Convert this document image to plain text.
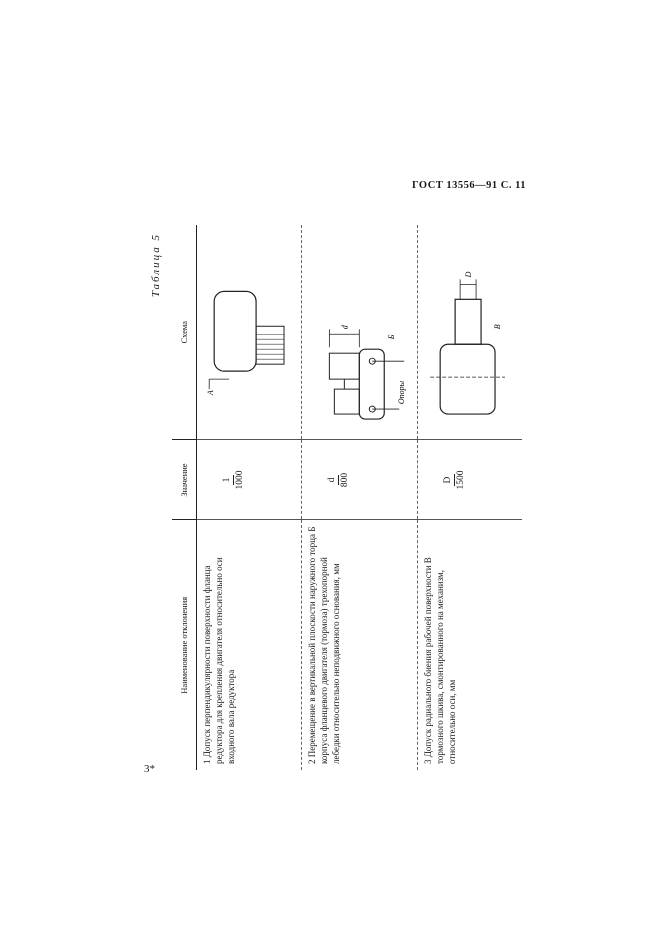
ГОСТ 13556—91 С. 11
Таблица 5
Наименование отклонения	Значение	Схема
1 Допуск перпендикулярности поверхности фланца редуктора для крепления двигателя относительно оси входного вала редуктора	1 1000	A

2 Перемещение в вертикальной плоскости наружного торца Б корпуса фланцевого двигателя (тормоза) трехопорной лебедки относительно неподвижного основания, мм	d 800	d
Опоры
Б

3 Допуск радиального биения рабочей поверхности В тормозного шкива, смонтированного на механизм, относительно оси, мм	D 1500	D
В
3*
